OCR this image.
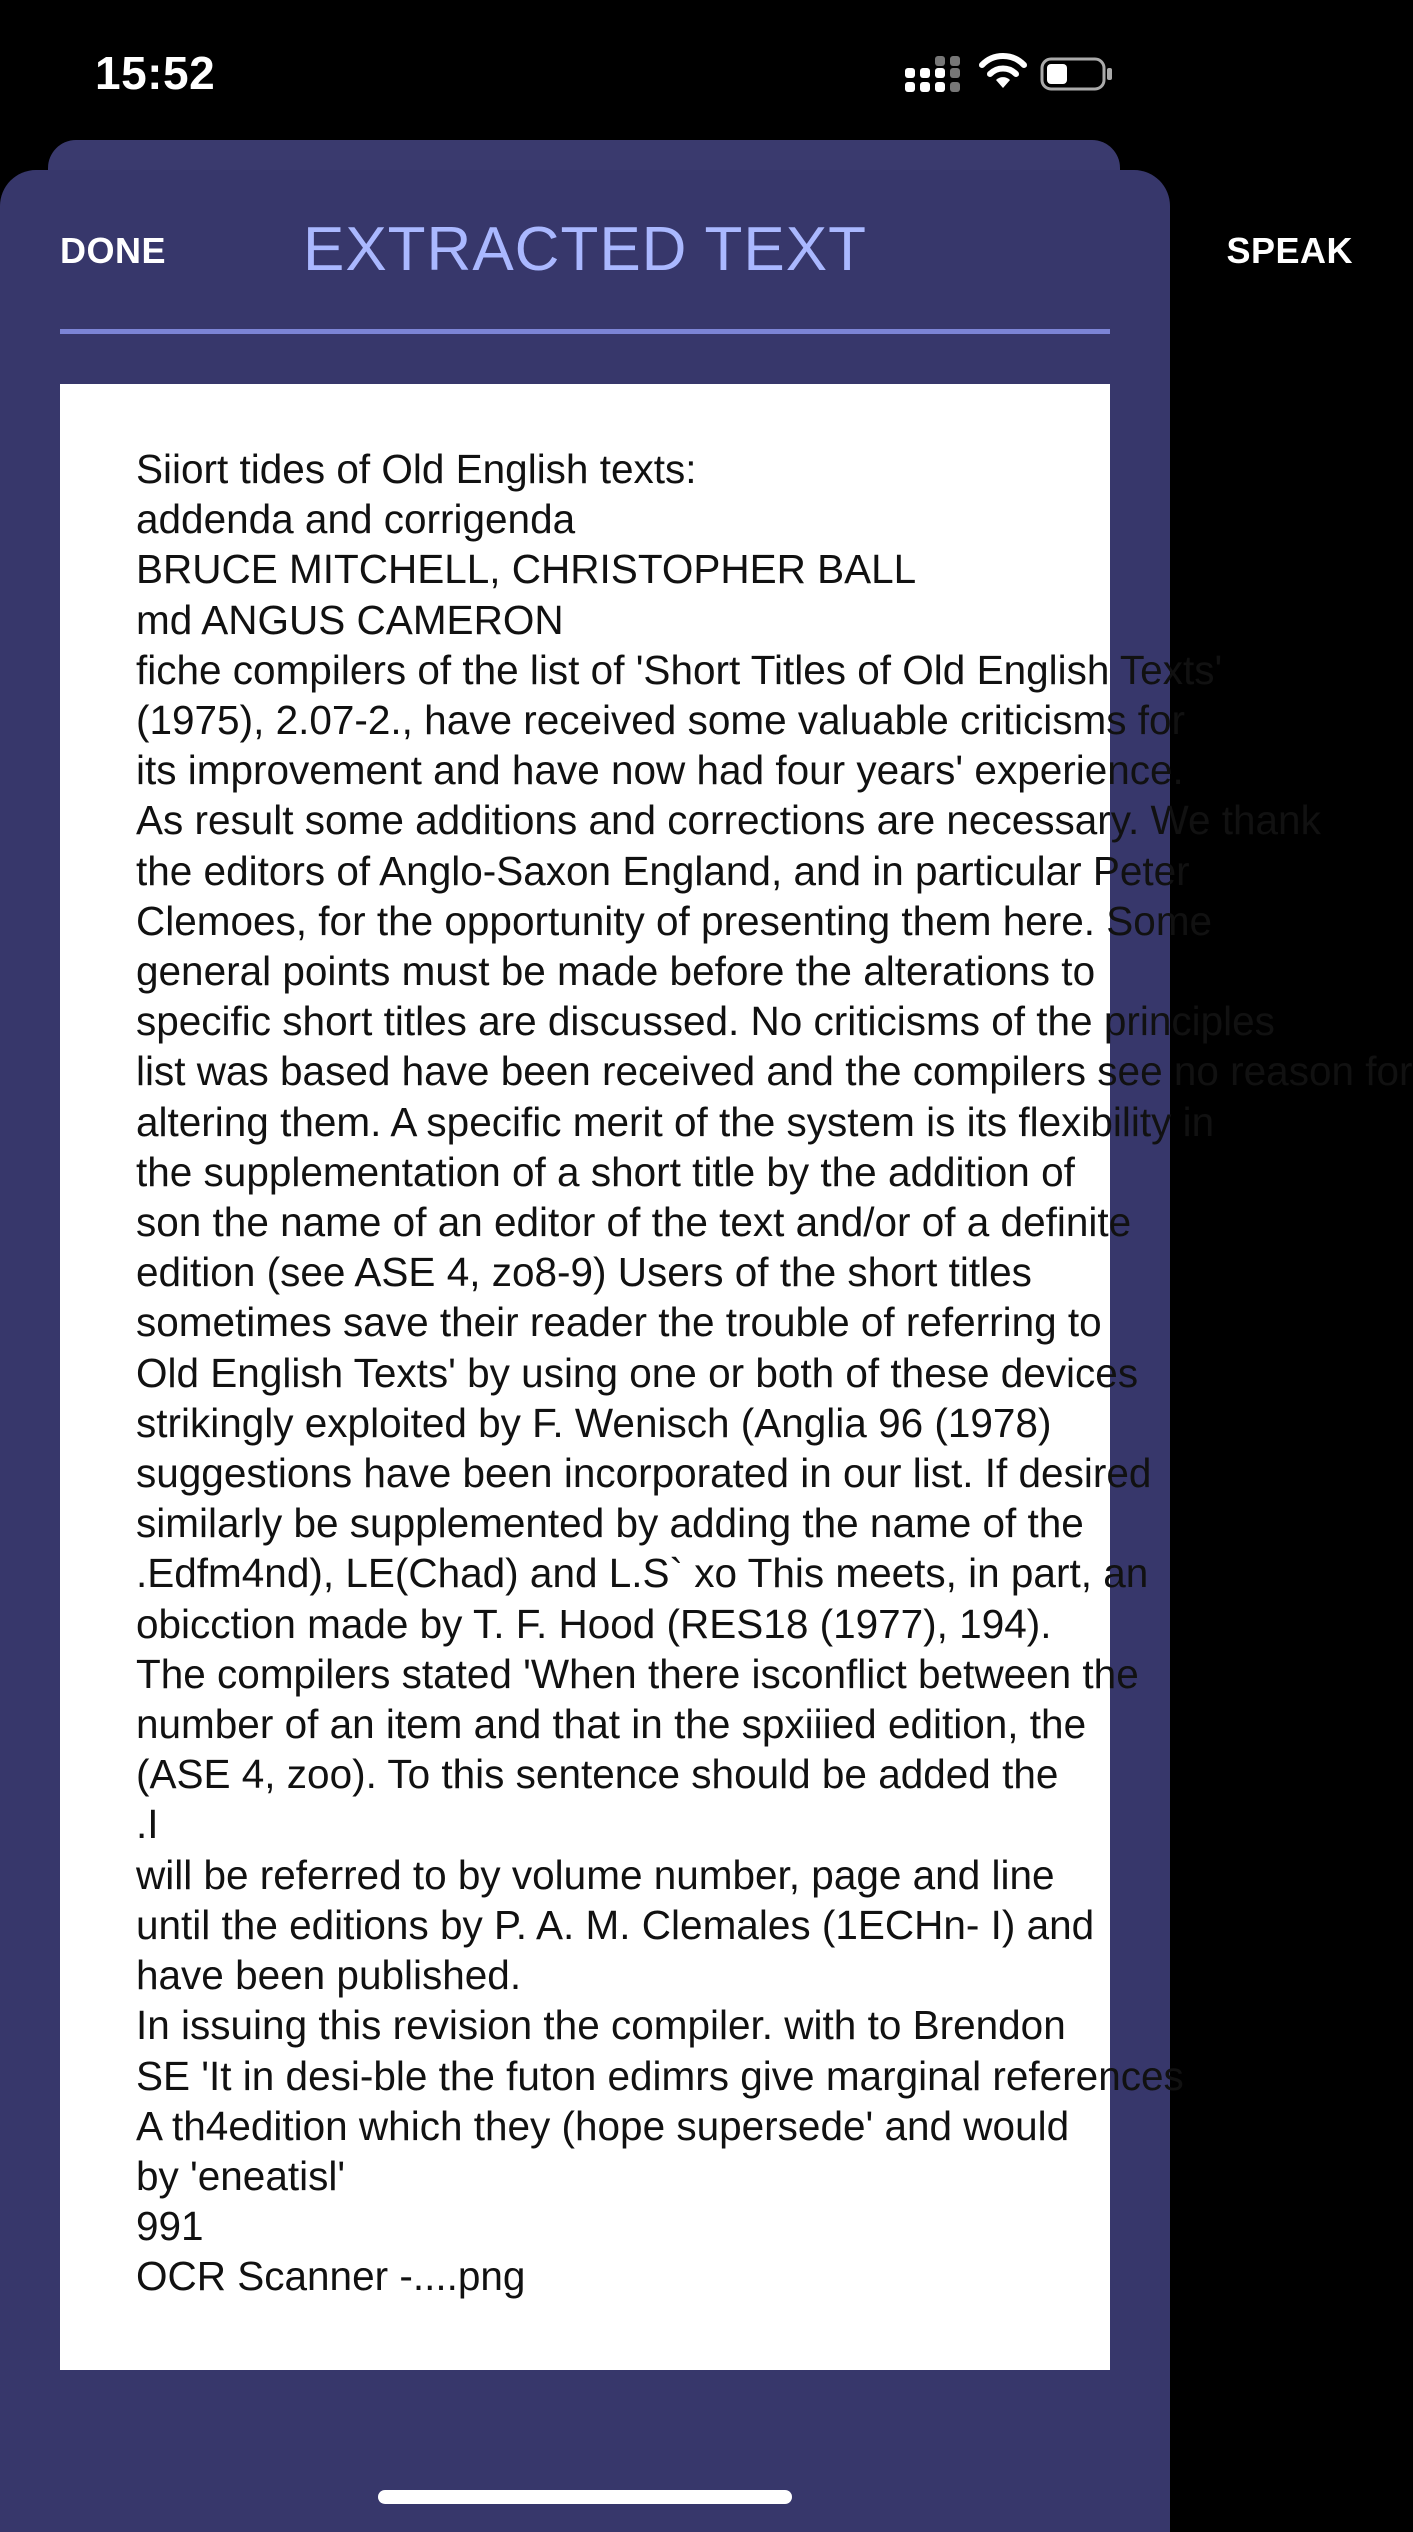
15:52
DONE	EXTRACTED TEXT	SPEAK
Siiort tides of Old English texts:
addenda and corrigenda
BRUCE MITCHELL, CHRISTOPHER BALL
md ANGUS CAMERON
fiche compilers of the list of 'Short Titles of Old English Texts'
(1975), 2.07-2., have received some valuable criticisms for
its improvement and have now had four years' experience.
As result some additions and corrections are necessary. We thank
the editors of Anglo-Saxon England, and in particular Peter
Clemoes, for the opportunity of presenting them here. Some
general points must be made before the alterations to
specific short titles are discussed. No criticisms of the principles
list was based have been received and the compilers see no reason for
altering them. A specific merit of the system is its flexibility in
the supplementation of a short title by the addition of
son the name of an editor of the text and/or of a definite
edition (see ASE 4, zo8-9) Users of the short titles
sometimes save their reader the trouble of referring to
Old English Texts' by using one or both of these devices
strikingly exploited by F. Wenisch (Anglia 96 (1978)
suggestions have been incorporated in our list. If desired
similarly be supplemented by adding the name of the
.Edfm4nd), LE(Chad) and L.S` xo This meets, in part, an
obicction made by T. F. Hood (RES18 (1977), 194).
The compilers stated 'When there isconflict between the
number of an item and that in the spxiiied edition, the
(ASE 4, zoo). To this sentence should be added the
.I
will be referred to by volume number, page and line
until the editions by P. A. M. Clemales (1ECHn- I) and
have been published.
In issuing this revision the compiler. with to Brendon
SE 'It in desi-ble the futon edimrs give marginal references
A th4edition which they (hope supersede' and would
by 'eneatisl'
991
OCR Scanner -....png
